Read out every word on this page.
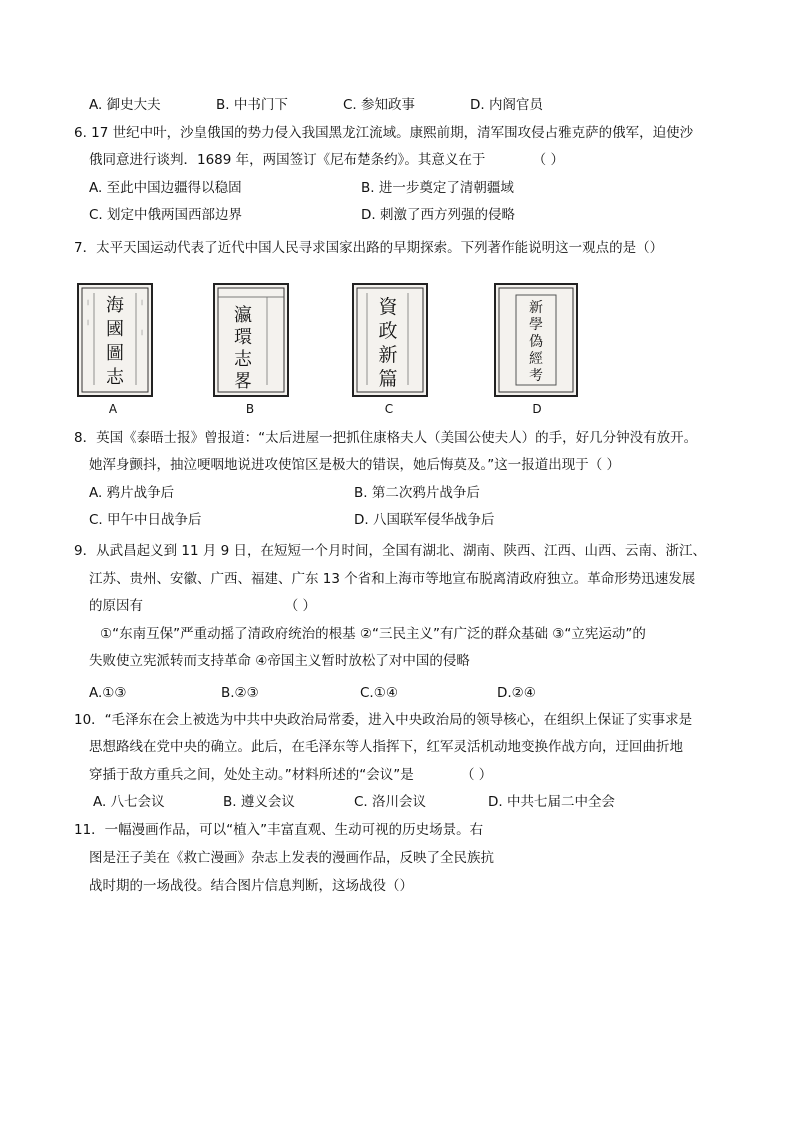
A. 御史大夫	B. 中书门下	C. 参知政事	D. 内阁官员
6. 17 世纪中叶，沙皇俄国的势力侵入我国黑龙江流域。康熙前期，清军围攻侵占雅克萨的俄军，迫使沙
俄同意进行谈判．1689 年，两国签订《尼布楚条约》。其意义在于　　　　（ ）
A. 至此中国边疆得以稳固	B. 进一步奠定了清朝疆域
C. 划定中俄两国西部边界	D. 刺激了西方列强的侵略
7．太平天国运动代表了近代中国人民寻求国家出路的早期探索。下列著作能说明这一观点的是（）
〡
〡
〡
〡
海
國
圖
志
A
瀛
環
志
畧
B
資
政
新
篇
C
新
學
偽
經
考
D
8．英国《泰晤士报》曾报道：“太后进屋一把抓住康格夫人（美国公使夫人）的手，好几分钟没有放开。
她浑身颤抖，抽泣哽咽地说进攻使馆区是极大的错误，她后悔莫及。”这一报道出现于（ ）
A. 鸦片战争后	B. 第二次鸦片战争后
C. 甲午中日战争后	D. 八国联军侵华战争后
9．从武昌起义到 11 月 9 日，在短短一个月时间，全国有湖北、湖南、陕西、江西、山西、云南、浙江、
江苏、贵州、安徽、广西、福建、广东 13 个省和上海市等地宣布脱离清政府独立。革命形势迅速发展
的原因有　　　　　　　　　　　（ ）
①“东南互保”严重动摇了清政府统治的根基 ②“三民主义”有广泛的群众基础 ③“立宪运动”的
失败使立宪派转而支持革命 ④帝国主义暂时放松了对中国的侵略
A.①③	B.②③	C.①④	D.②④
10．“毛泽东在会上被选为中共中央政治局常委，进入中央政治局的领导核心，在组织上保证了实事求是
思想路线在党中央的确立。此后，在毛泽东等人指挥下，红军灵活机动地变换作战方向，迂回曲折地
穿插于敌方重兵之间，处处主动。”材料所述的“会议”是　　　　（ ）
A. 八七会议	B. 遵义会议	C. 洛川会议	D. 中共七届二中全会
11．一幅漫画作品，可以“植入”丰富直观、生动可视的历史场景。右
图是汪子美在《救亡漫画》杂志上发表的漫画作品，反映了全民族抗
战时期的一场战役。结合图片信息判断，这场战役（）
